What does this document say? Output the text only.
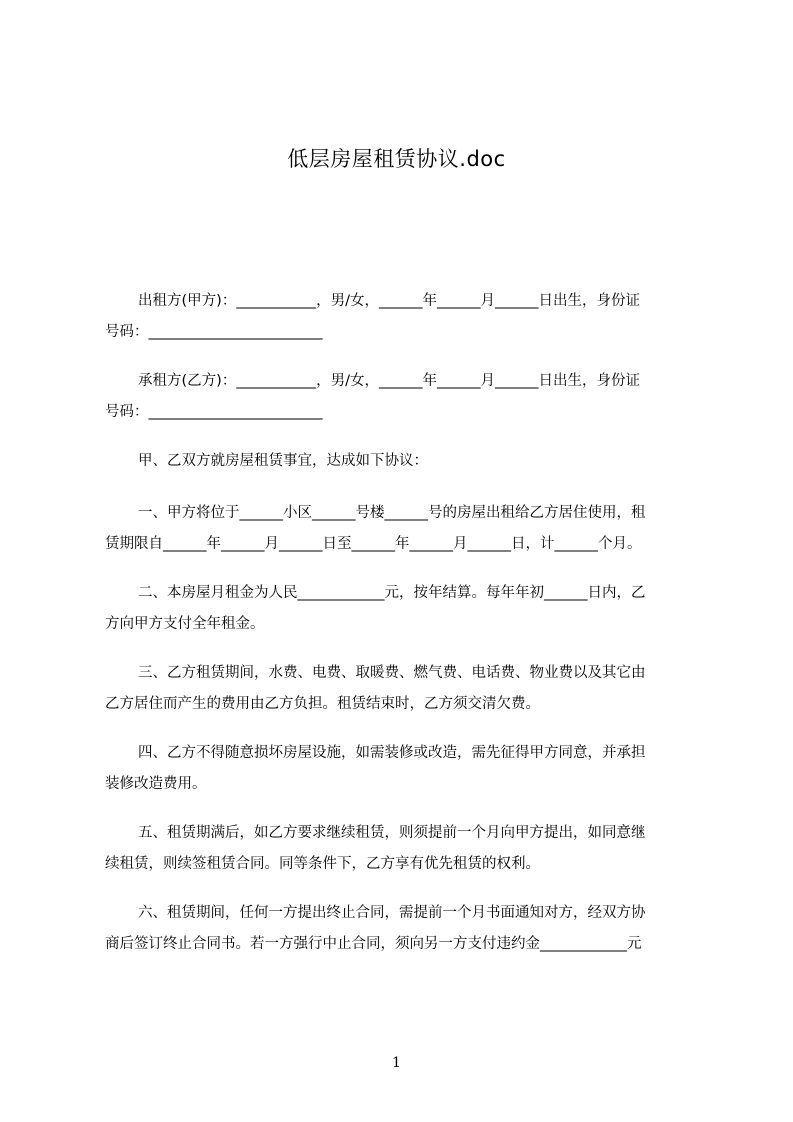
低层房屋租赁协议.doc
出租方(甲方)：___________，男/女，______年______月______日出生，身份证
号码：________________________
承租方(乙方)：___________，男/女，______年______月______日出生，身份证
号码：________________________
甲、乙双方就房屋租赁事宜，达成如下协议：
一、甲方将位于______小区______号楼______号的房屋出租给乙方居住使用，租
赁期限自______年______月______日至______年______月______日，计______个月。
二、本房屋月租金为人民____________元，按年结算。每年年初______日内，乙
方向甲方支付全年租金。
三、乙方租赁期间，水费、电费、取暖费、燃气费、电话费、物业费以及其它由
乙方居住而产生的费用由乙方负担。租赁结束时，乙方须交清欠费。
四、乙方不得随意损坏房屋设施，如需装修或改造，需先征得甲方同意，并承担
装修改造费用。
五、租赁期满后，如乙方要求继续租赁，则须提前一个月向甲方提出，如同意继
续租赁，则续签租赁合同。同等条件下，乙方享有优先租赁的权利。
六、租赁期间，任何一方提出终止合同，需提前一个月书面通知对方，经双方协
商后签订终止合同书。若一方强行中止合同，须向另一方支付违约金____________元
1
